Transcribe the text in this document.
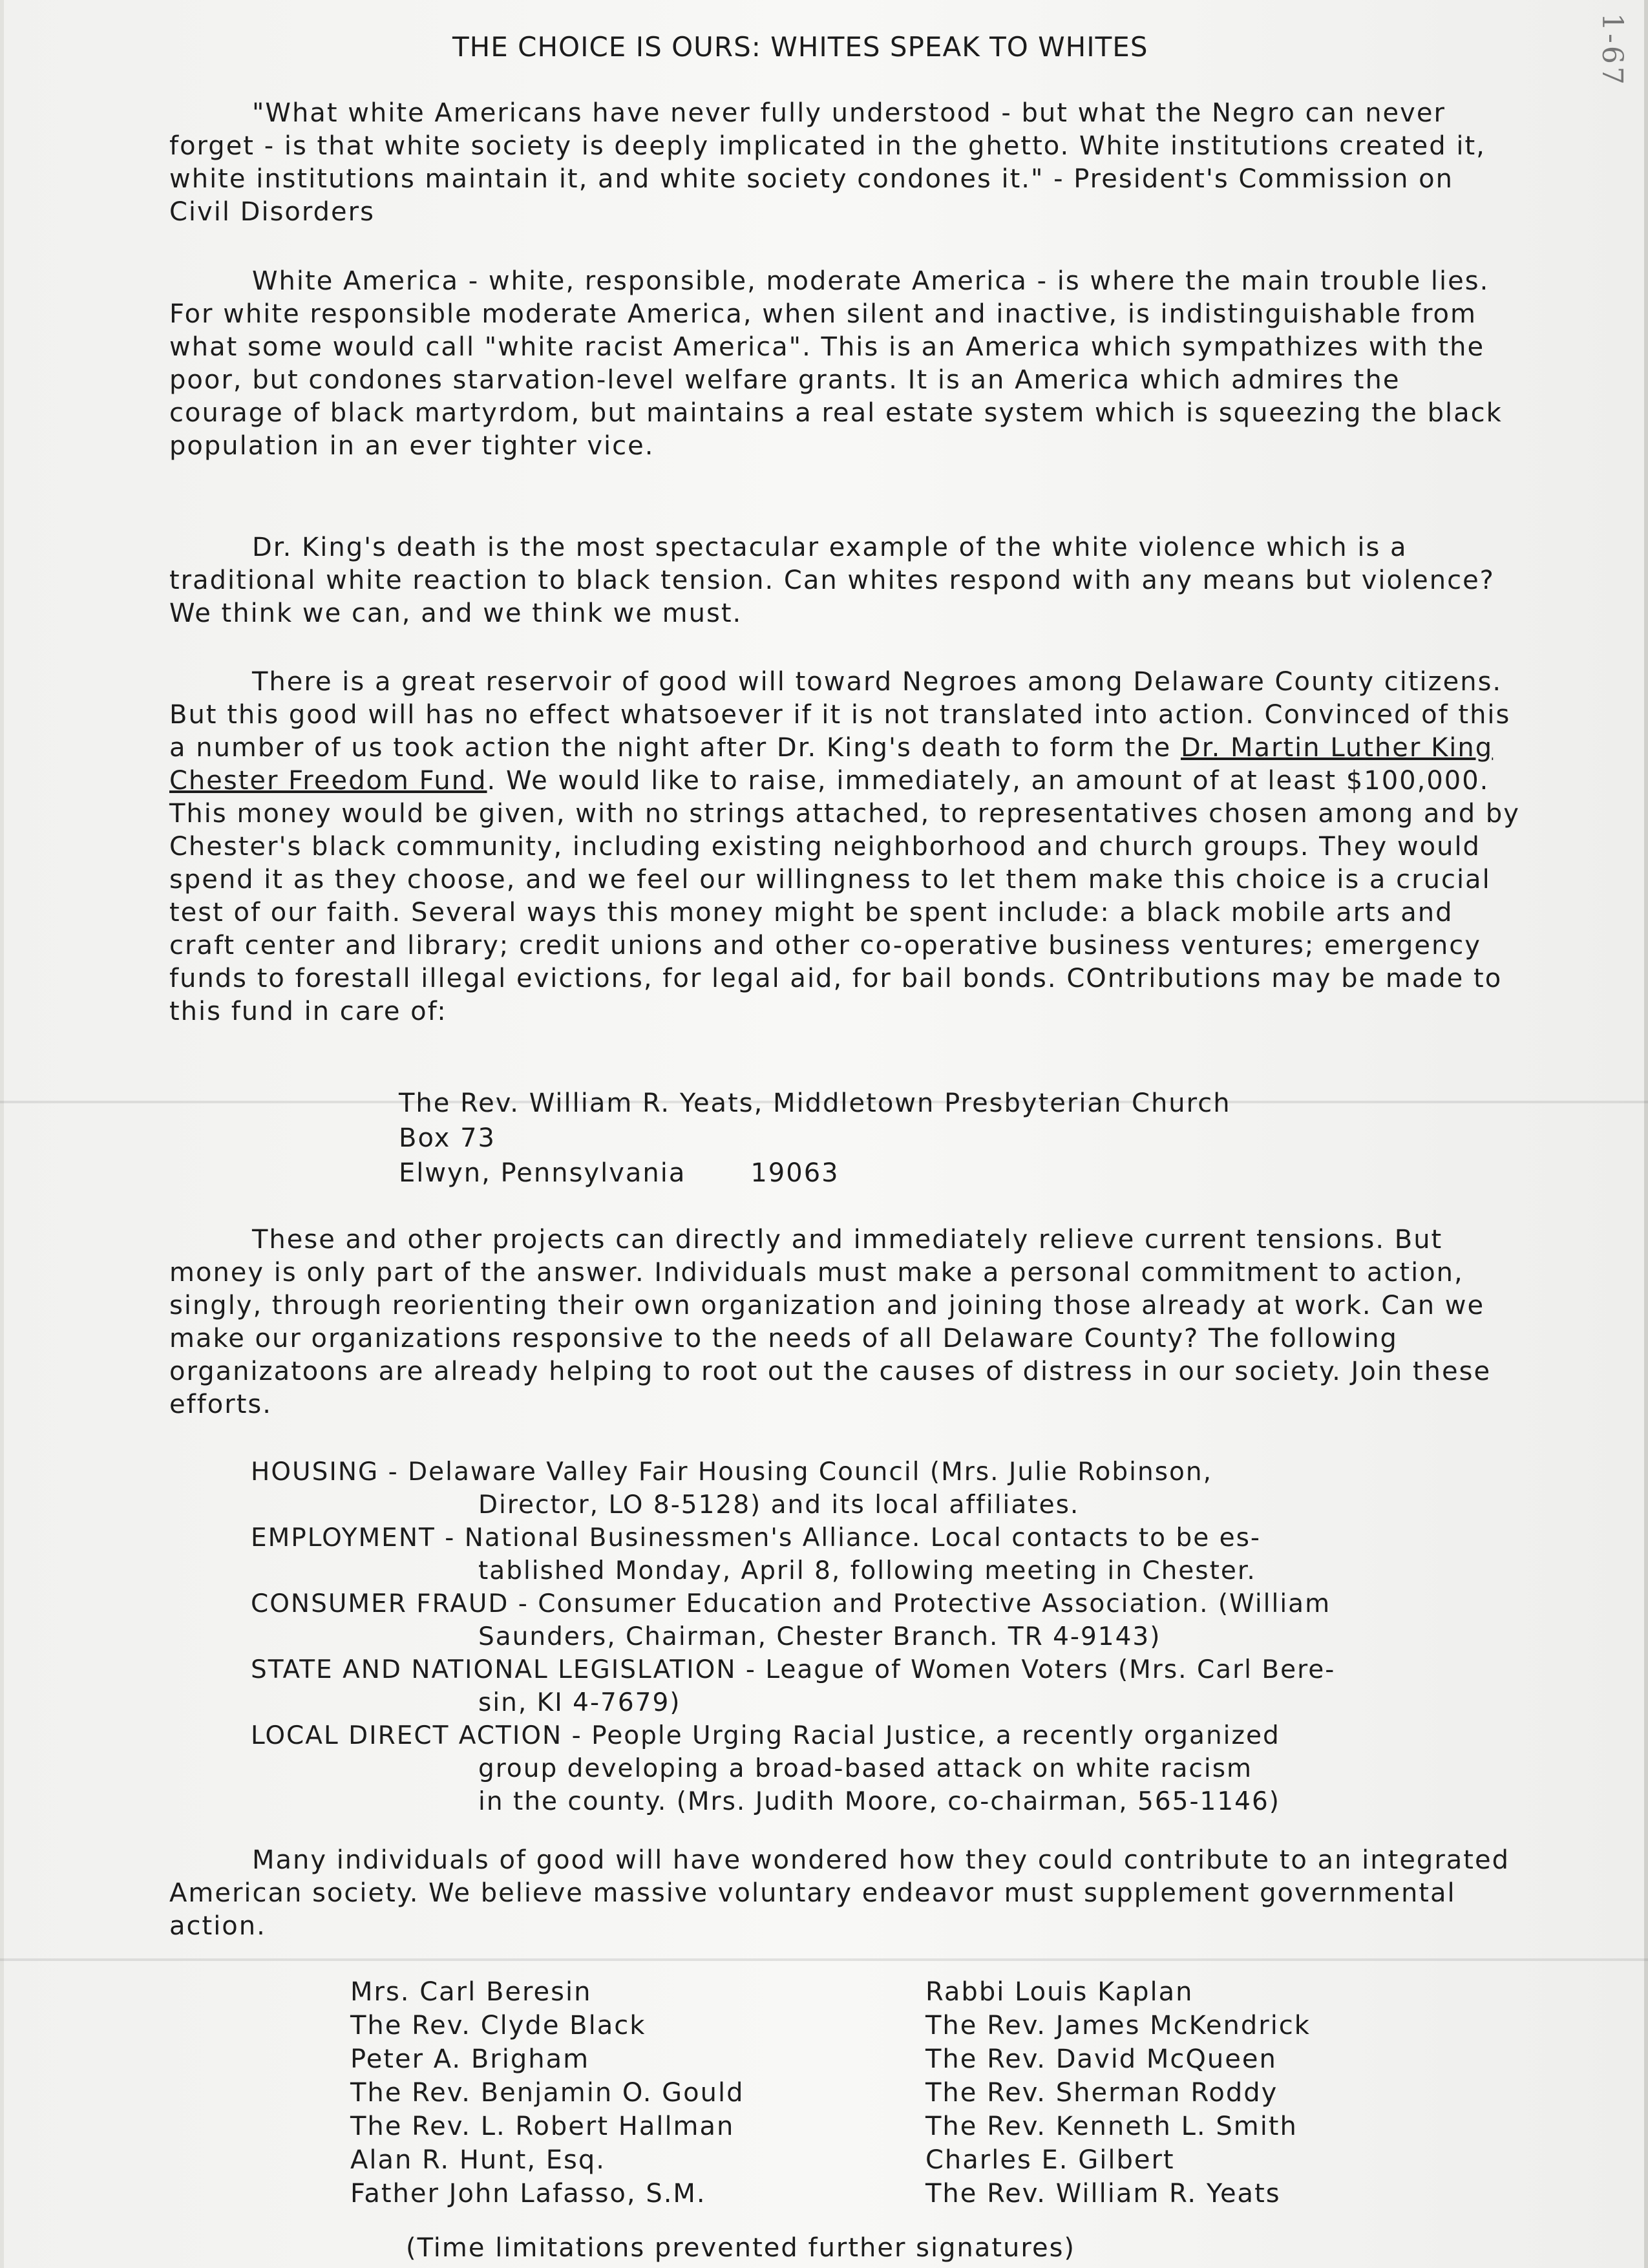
1-67
THE CHOICE IS OURS: WHITES SPEAK TO WHITES

"What white Americans have never fully understood - but what the Negro can never forget - is that white society is deeply implicated in the ghetto. White institutions created it, white institutions maintain it, and white society condones it." - President's Commission on Civil Disorders

White America - white, responsible, moderate America - is where the main trouble lies. For white responsible moderate America, when silent and inactive, is indistinguishable from what some would call "white racist America". This is an America which sympathizes with the poor, but condones starvation-level welfare grants. It is an America which admires the courage of black martyrdom, but maintains a real estate system which is squeezing the black population in an ever tighter vice.

Dr. King's death is the most spectacular example of the white violence which is a traditional white reaction to black tension. Can whites respond with any means but violence? We think we can, and we think we must.

There is a great reservoir of good will toward Negroes among Delaware County citizens. But this good will has no effect whatsoever if it is not translated into action. Convinced of this a number of us took action the night after Dr. King's death to form the Dr. Martin Luther King Chester Freedom Fund. We would like to raise, immediately, an amount of at least $100,000. This money would be given, with no strings attached, to representatives chosen among and by Chester's black community, including existing neighborhood and church groups. They would spend it as they choose, and we feel our willingness to let them make this choice is a crucial test of our faith. Several ways this money might be spent include: a black mobile arts and craft center and library; credit unions and other co-operative business ventures; emergency funds to forestall illegal evictions, for legal aid, for bail bonds. COntributions may be made to this fund in care of:

The Rev. William R. Yeats, Middletown Presbyterian Church
Box 73
Elwyn, Pennsylvania	19063

These and other projects can directly and immediately relieve current tensions. But money is only part of the answer. Individuals must make a personal commitment to action, singly, through reorienting their own organization and joining those already at work. Can we make our organizations responsive to the needs of all Delaware County? The following organizatoons are already helping to root out the causes of distress in our society. Join these efforts.

HOUSING - Delaware Valley Fair Housing Council (Mrs. Julie Robinson,
Director, LO 8-5128) and its local affiliates.
EMPLOYMENT - National Businessmen's Alliance. Local contacts to be es-
tablished Monday, April 8, following meeting in Chester.
CONSUMER FRAUD - Consumer Education and Protective Association. (William
Saunders, Chairman, Chester Branch. TR 4-9143)
STATE AND NATIONAL LEGISLATION - League of Women Voters (Mrs. Carl Bere-
sin, KI 4-7679)
LOCAL DIRECT ACTION - People Urging Racial Justice, a recently organized
group developing a broad-based attack on white racism
in the county. (Mrs. Judith Moore, co-chairman, 565-1146)

Many individuals of good will have wondered how they could contribute to an integrated American society. We believe massive voluntary endeavor must supplement governmental action.

Mrs. Carl Beresin
The Rev. Clyde Black
Peter A. Brigham
The Rev. Benjamin O. Gould
The Rev. L. Robert Hallman
Alan R. Hunt, Esq.
Father John Lafasso, S.M.
Rabbi Louis Kaplan
The Rev. James McKendrick
The Rev. David McQueen
The Rev. Sherman Roddy
The Rev. Kenneth L. Smith
Charles E. Gilbert
The Rev. William R. Yeats
(Time limitations prevented further signatures)
